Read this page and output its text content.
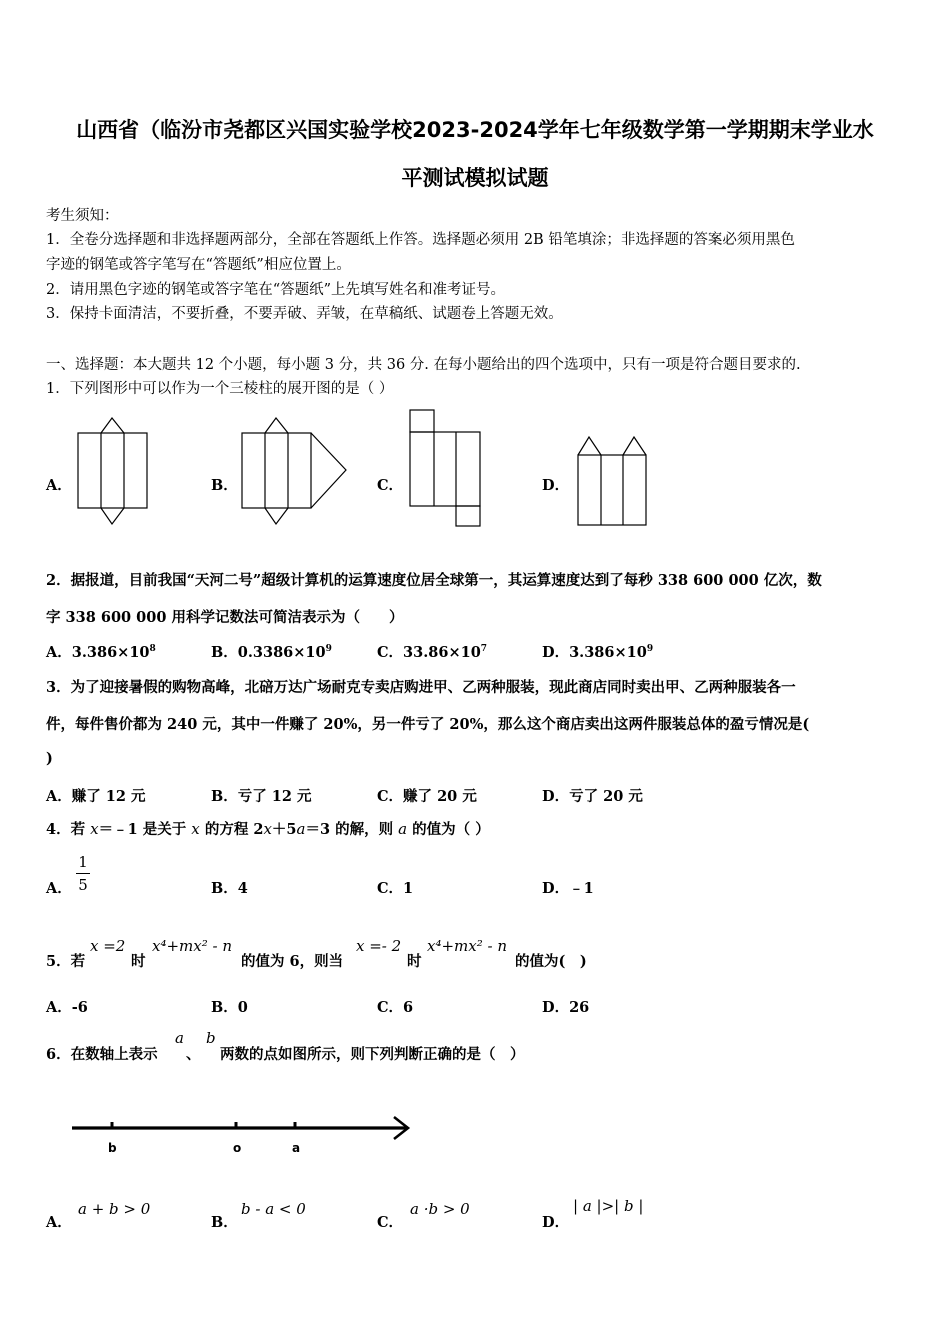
山西省（临汾市尧都区兴国实验学校2023-2024学年七年级数学第一学期期末学业水
平测试模拟试题
考生须知：
1．全卷分选择题和非选择题两部分，全部在答题纸上作答。选择题必须用 2B 铅笔填涂；非选择题的答案必须用黑色
字迹的钢笔或答字笔写在“答题纸”相应位置上。
2．请用黑色字迹的钢笔或答字笔在“答题纸”上先填写姓名和准考证号。
3．保持卡面清洁，不要折叠，不要弄破、弄皱，在草稿纸、试题卷上答题无效。
一、选择题：本大题共 12 个小题，每小题 3 分，共 36 分. 在每小题给出的四个选项中，只有一项是符合题目要求的.
1．下列图形中可以作为一个三棱柱的展开图的是（ ）
A．	B．	C．	D．
2．据报道，目前我国“天河二号”超级计算机的运算速度位居全球第一，其运算速度达到了每秒 338 600 000 亿次，数
字 338 600 000 用科学记数法可简洁表示为（　　）
A．$3.386\times 10^8$	B．$0.3386\times 10^9$	C．$33.86\times 10^7$	D．$3.386\times 10^9$
3．为了迎接暑假的购物高峰，北碚万达广场耐克专卖店购进甲、乙两种服装，现此商店同时卖出甲、乙两种服装各一
件，每件售价都为 240 元，其中一件赚了 20%，另一件亏了 20%，那么这个商店卖出这两件服装总体的盈亏情况是(
)
A．赚了 12 元	B．亏了 12 元	C．赚了 20 元	D．亏了 20 元
4．若 x＝﹣1 是关于 x 的方程 2x＋5a＝3 的解，则 a 的值为（ ）
A．
1
5	B．4	C．1	D．﹣1
5．若
x =2
时
x⁴+mx² - n
的值为 6，则当
x =- 2
时
x⁴+mx² - n
的值为(　)
A．-6	B．0	C．6	D．26
6．在数轴上表示
a
、
b
两数的点如图所示，则下列判断正确的是（　）
b	o	a
A．
a + b > 0
B．
b - a < 0
C．
a ·b > 0
D．
| a |>| b |
